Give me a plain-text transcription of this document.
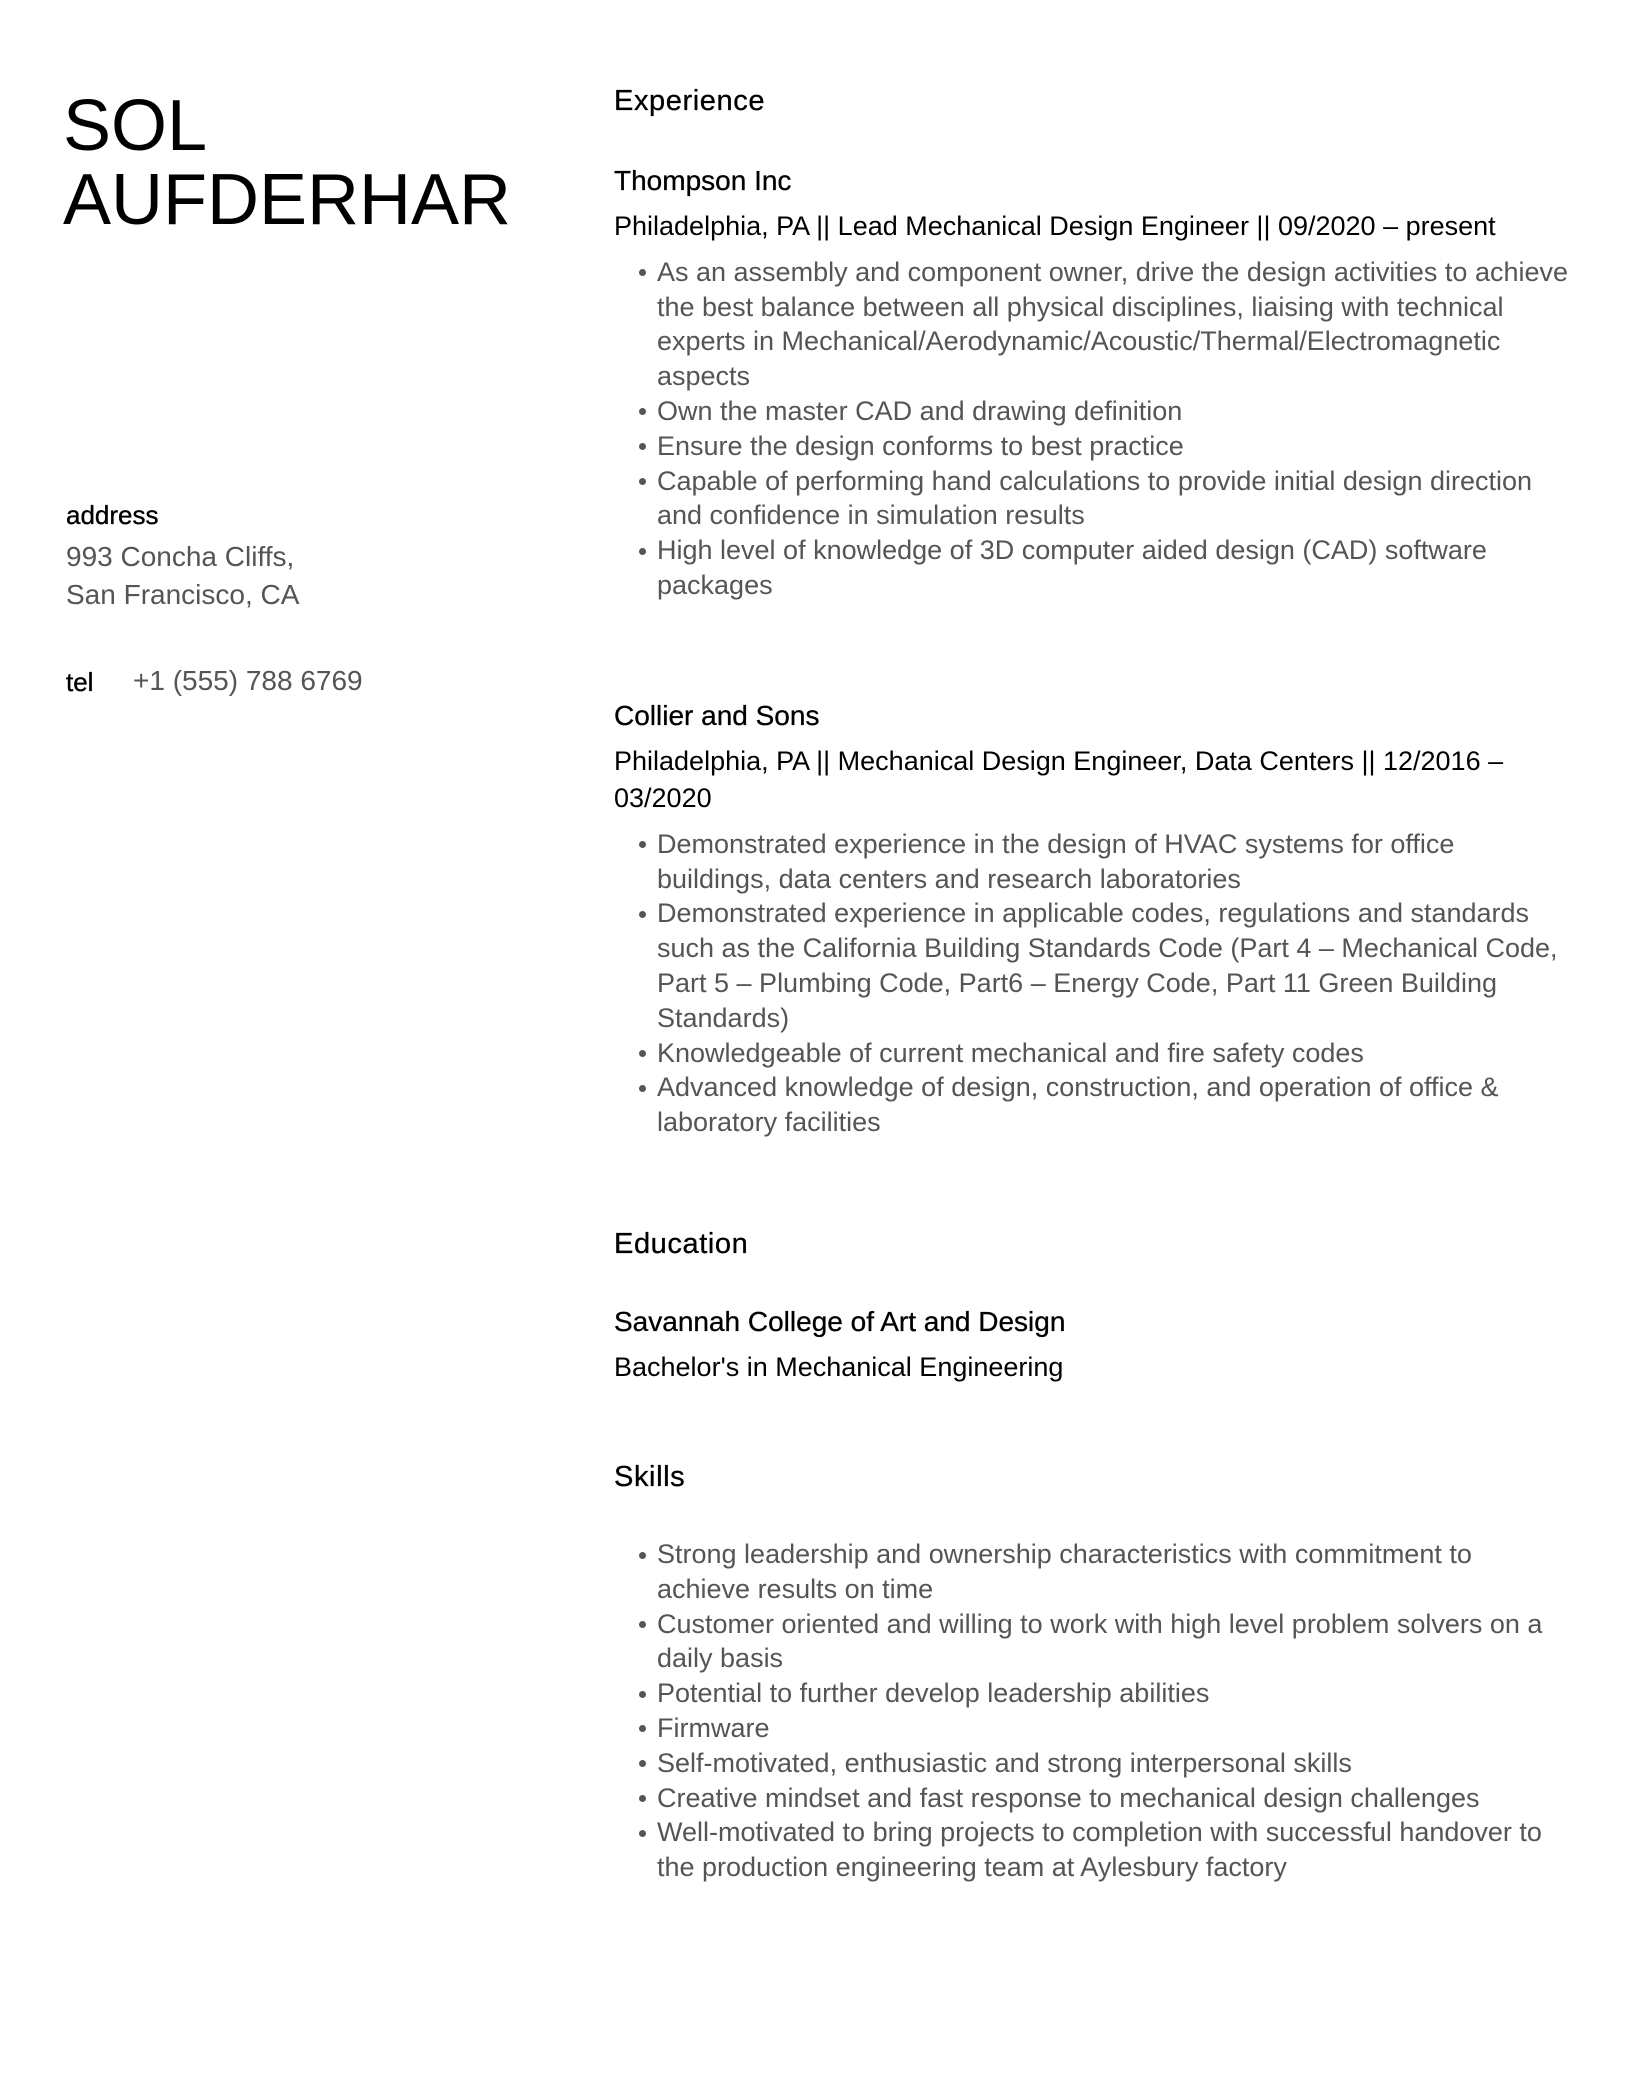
SOL
AUFDERHAR
address
993 Concha Cliffs,
San Francisco, CA
tel +1 (555) 788 6769
Experience
Thompson Inc
Philadelphia, PA || Lead Mechanical Design Engineer || 09/2020 – present
As an assembly and component owner, drive the design activities to achieve the best balance between all physical disciplines, liaising with technical experts in Mechanical/Aerodynamic/Acoustic/Thermal/Electromagnetic aspects
Own the master CAD and drawing definition
Ensure the design conforms to best practice
Capable of performing hand calculations to provide initial design direction and confidence in simulation results
High level of knowledge of 3D computer aided design (CAD) software packages
Collier and Sons
Philadelphia, PA || Mechanical Design Engineer, Data Centers || 12/2016 – 03/2020
Demonstrated experience in the design of HVAC systems for office buildings, data centers and research laboratories
Demonstrated experience in applicable codes, regulations and standards such as the California Building Standards Code (Part 4 – Mechanical Code, Part 5 – Plumbing Code, Part6 – Energy Code, Part 11 Green Building Standards)
Knowledgeable of current mechanical and fire safety codes
Advanced knowledge of design, construction, and operation of office & laboratory facilities
Education
Savannah College of Art and Design
Bachelor's in Mechanical Engineering
Skills
Strong leadership and ownership characteristics with commitment to achieve results on time
Customer oriented and willing to work with high level problem solvers on a daily basis
Potential to further develop leadership abilities
Firmware
Self-motivated, enthusiastic and strong interpersonal skills
Creative mindset and fast response to mechanical design challenges
Well-motivated to bring projects to completion with successful handover to the production engineering team at Aylesbury factory
